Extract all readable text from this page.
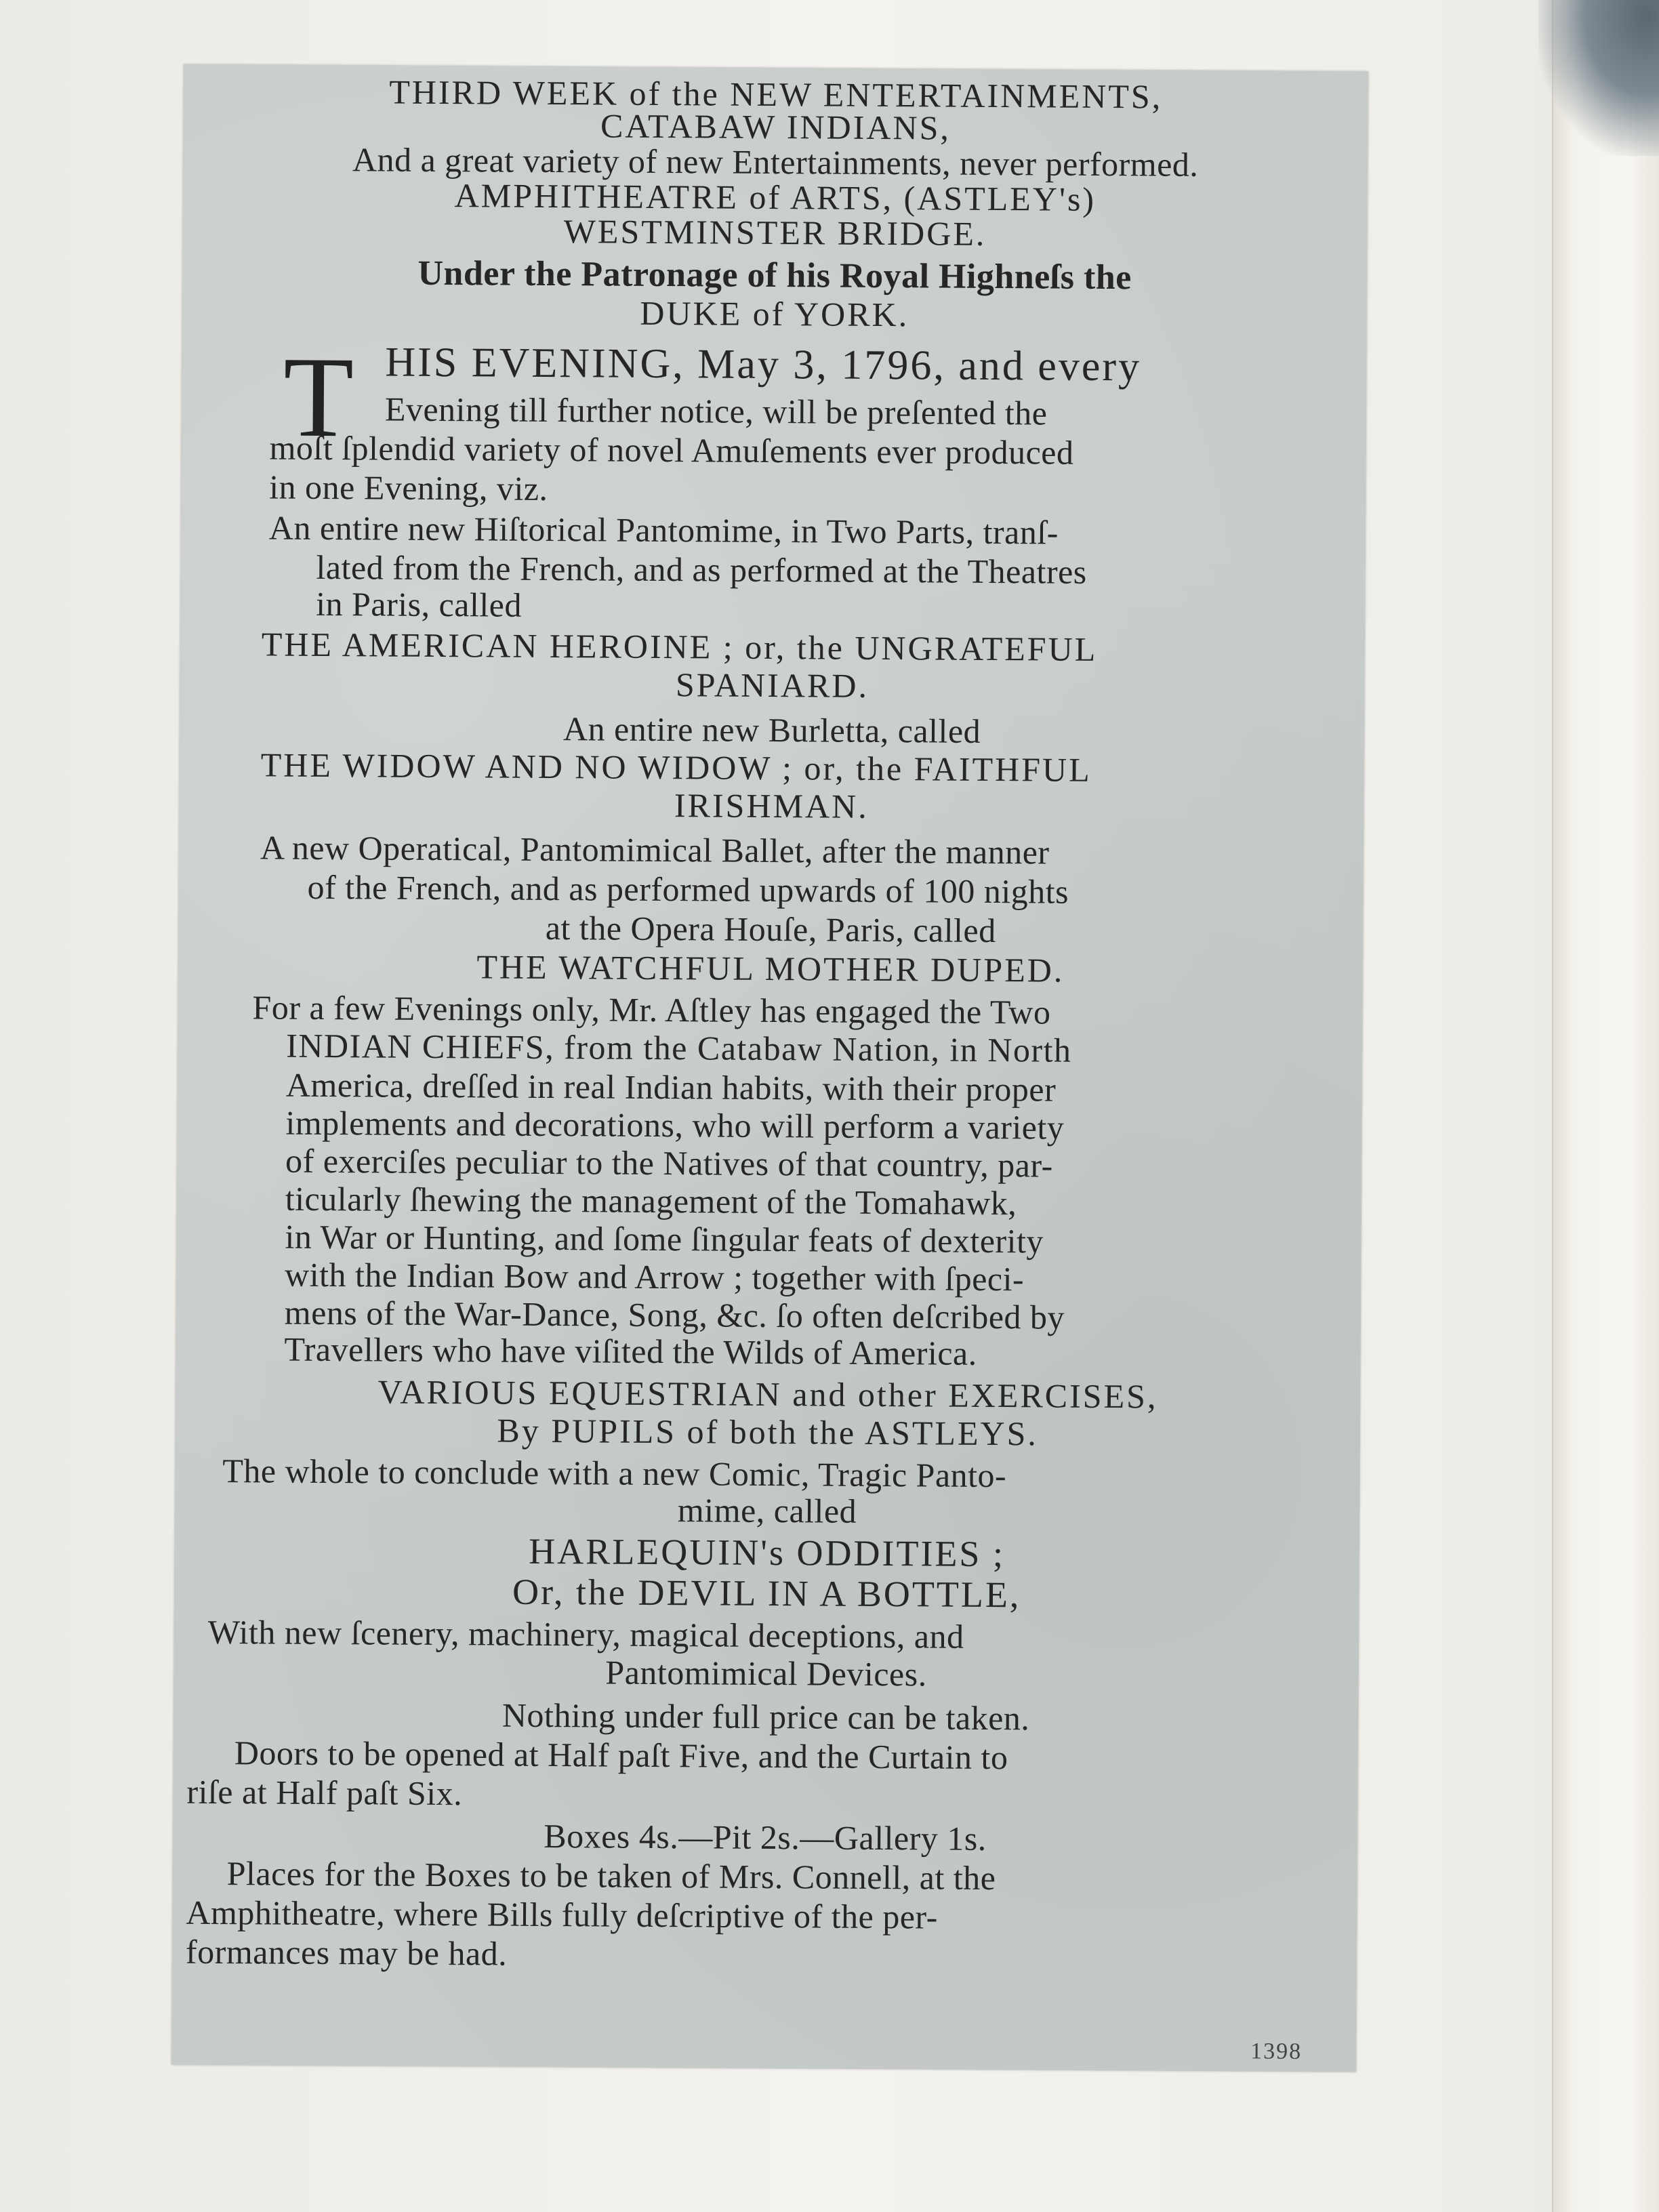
THIRD WEEK of the NEW ENTERTAINMENTS,
CATABAW INDIANS,
And a great variety of new Entertainments, never performed.
AMPHITHEATRE of ARTS, (ASTLEY's)
WESTMINSTER BRIDGE.
Under the Patronage of his Royal Highneſs the
DUKE of YORK.
T HIS EVENING, May 3, 1796, and every
Evening till further notice, will be preſented the
moſt ſplendid variety of novel Amuſements ever produced
in one Evening, viz.
An entire new Hiſtorical Pantomime, in Two Parts, tranſ-
lated from the French, and as performed at the Theatres
in Paris, called
THE AMERICAN HEROINE ; or, the UNGRATEFUL
SPANIARD.
An entire new Burletta, called
THE WIDOW AND NO WIDOW ; or, the FAITHFUL
IRISHMAN.
A new Operatical, Pantomimical Ballet, after the manner
of the French, and as performed upwards of 100 nights
at the Opera Houſe, Paris, called
THE WATCHFUL MOTHER DUPED.
For a few Evenings only, Mr. Aſtley has engaged the Two
INDIAN CHIEFS, from the Catabaw Nation, in North
America, dreſſed in real Indian habits, with their proper
implements and decorations, who will perform a variety
of exerciſes peculiar to the Natives of that country, par-
ticularly ſhewing the management of the Tomahawk,
in War or Hunting, and ſome ſingular feats of dexterity
with the Indian Bow and Arrow ; together with ſpeci-
mens of the War-Dance, Song, &c. ſo often deſcribed by
Travellers who have viſited the Wilds of America.
VARIOUS EQUESTRIAN and other EXERCISES,
By PUPILS of both the ASTLEYS.
The whole to conclude with a new Comic, Tragic Panto-
mime, called
HARLEQUIN's ODDITIES ;
Or, the DEVIL IN A BOTTLE,
With new ſcenery, machinery, magical deceptions, and
Pantomimical Devices.
Nothing under full price can be taken.
Doors to be opened at Half paſt Five, and the Curtain to
riſe at Half paſt Six.
Boxes 4s.—Pit 2s.—Gallery 1s.
Places for the Boxes to be taken of Mrs. Connell, at the
Amphitheatre, where Bills fully deſcriptive of the per-
formances may be had.
1398
